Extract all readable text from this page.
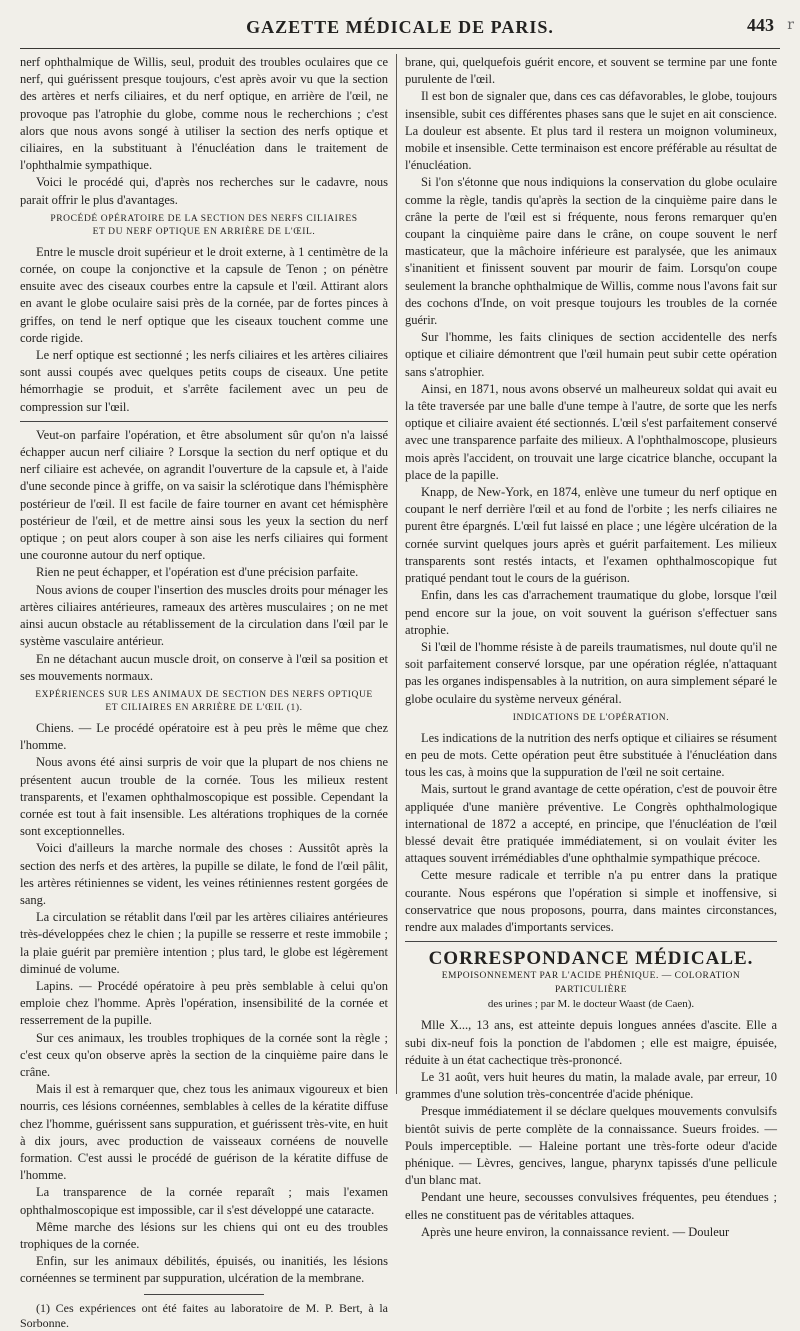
GAZETTE MÉDICALE DE PARIS.	443 r

nerf ophthalmique de Willis, seul, produit des troubles oculaires que ce nerf, qui guérissent presque toujours, c'est après avoir vu que la section des artères et nerfs ciliaires, et du nerf optique, en arrière de l'œil, ne provoque pas l'atrophie du globe, comme nous le recherchions ; c'est alors que nous avons songé à utiliser la section des nerfs optique et ciliaires, en la substituant à l'énucléation dans le traitement de l'ophthalmie sympathique.

Voici le procédé qui, d'après nos recherches sur le cadavre, nous parait offrir le plus d'avantages.

PROCÉDÉ OPÉRATOIRE DE LA SECTION DES NERFS CILIAIRES
ET DU NERF OPTIQUE EN ARRIÈRE DE L'ŒIL.

Entre le muscle droit supérieur et le droit externe, à 1 centimètre de la cornée, on coupe la conjonctive et la capsule de Tenon ; on pénètre ensuite avec des ciseaux courbes entre la capsule et l'œil. Attirant alors en avant le globe oculaire saisi près de la cornée, par de fortes pinces à griffes, on tend le nerf optique que les ciseaux touchent comme une corde rigide.

Le nerf optique est sectionné ; les nerfs ciliaires et les artères ciliaires sont aussi coupés avec quelques petits coups de ciseaux. Une petite hémorrhagie se produit, et s'arrête facilement avec un peu de compression sur l'œil.

Veut-on parfaire l'opération, et être absolument sûr qu'on n'a laissé échapper aucun nerf ciliaire ? Lorsque la section du nerf optique et du nerf ciliaire est achevée, on agrandit l'ouverture de la capsule et, à l'aide d'une seconde pince à griffe, on va saisir la sclérotique dans l'hémisphère postérieur de l'œil. Il est facile de faire tourner en avant cet hémisphère postérieur de l'œil, et de mettre ainsi sous les yeux la section du nerf optique ; on peut alors couper à son aise les nerfs ciliaires qui forment une couronne autour du nerf optique.

Rien ne peut échapper, et l'opération est d'une précision parfaite.

Nous avions de couper l'insertion des muscles droits pour ménager les artères ciliaires antérieures, rameaux des artères musculaires ; on ne met ainsi aucun obstacle au rétablissement de la circulation dans l'œil par le système vasculaire antérieur.

En ne détachant aucun muscle droit, on conserve à l'œil sa position et ses mouvements normaux.

EXPÉRIENCES SUR LES ANIMAUX DE SECTION DES NERFS OPTIQUE
ET CILIAIRES EN ARRIÈRE DE L'ŒIL (1).

Chiens. — Le procédé opératoire est à peu près le même que chez l'homme.

Nous avons été ainsi surpris de voir que la plupart de nos chiens ne présentent aucun trouble de la cornée. Tous les milieux restent transparents, et l'examen ophthalmoscopique est possible. Cependant la cornée est tout à fait insensible. Les altérations trophiques de la cornée sont exceptionnelles.

Voici d'ailleurs la marche normale des choses : Aussitôt après la section des nerfs et des artères, la pupille se dilate, le fond de l'œil pâlit, les artères rétiniennes se vident, les veines rétiniennes restent gorgées de sang.

La circulation se rétablit dans l'œil par les artères ciliaires antérieures très-développées chez le chien ; la pupille se resserre et reste immobile ; la plaie guérit par première intention ; plus tard, le globe est légèrement diminué de volume.

Lapins. — Procédé opératoire à peu près semblable à celui qu'on emploie chez l'homme. Après l'opération, insensibilité de la cornée et resserrement de la pupille.

Sur ces animaux, les troubles trophiques de la cornée sont la règle ; c'est ceux qu'on observe après la section de la cinquième paire dans le crâne.

Mais il est à remarquer que, chez tous les animaux vigoureux et bien nourris, ces lésions cornéennes, semblables à celles de la kératite diffuse chez l'homme, guérissent sans suppuration, et guérissent très-vite, en huit à dix jours, avec production de vaisseaux cornéens de nouvelle formation. C'est aussi le procédé de guérison de la kératite diffuse de l'homme.

La transparence de la cornée reparaît ; mais l'examen ophthalmoscopique est impossible, car il s'est développé une cataracte.

Même marche des lésions sur les chiens qui ont eu des troubles trophiques de la cornée.

Enfin, sur les animaux débilités, épuisés, ou inanitiés, les lésions cornéennes se terminent par suppuration, ulcération de la membrane.

(1) Ces expériences ont été faites au laboratoire de M. P. Bert, à la Sorbonne.

brane, qui, quelquefois guérit encore, et souvent se termine par une fonte purulente de l'œil.

Il est bon de signaler que, dans ces cas défavorables, le globe, toujours insensible, subit ces différentes phases sans que le sujet en ait conscience. La douleur est absente. Et plus tard il restera un moignon volumineux, mobile et insensible. Cette terminaison est encore préférable au résultat de l'énucléation.

Si l'on s'étonne que nous indiquions la conservation du globe oculaire comme la règle, tandis qu'après la section de la cinquième paire dans le crâne la perte de l'œil est si fréquente, nous ferons remarquer qu'en coupant la cinquième paire dans le crâne, on coupe souvent le nerf masticateur, que la mâchoire inférieure est paralysée, que les animaux s'inanitient et finissent souvent par mourir de faim. Lorsqu'on coupe seulement la branche ophthalmique de Willis, comme nous l'avons fait sur des cochons d'Inde, on voit presque toujours les troubles de la cornée guérir.

Sur l'homme, les faits cliniques de section accidentelle des nerfs optique et ciliaire démontrent que l'œil humain peut subir cette opération sans s'atrophier.

Ainsi, en 1871, nous avons observé un malheureux soldat qui avait eu la tête traversée par une balle d'une tempe à l'autre, de sorte que les nerfs optique et ciliaire avaient été sectionnés. L'œil s'est parfaitement conservé avec une transparence parfaite des milieux. A l'ophthalmoscope, plusieurs mois après l'accident, on trouvait une large cicatrice blanche, occupant la place de la papille.

Knapp, de New-York, en 1874, enlève une tumeur du nerf optique en coupant le nerf derrière l'œil et au fond de l'orbite ; les nerfs ciliaires ne purent être épargnés. L'œil fut laissé en place ; une légère ulcération de la cornée survint quelques jours après et guérit parfaitement. Les milieux transparents sont restés intacts, et l'examen ophthalmoscopique fut pratiqué pendant tout le cours de la guérison.

Enfin, dans les cas d'arrachement traumatique du globe, lorsque l'œil pend encore sur la joue, on voit souvent la guérison s'effectuer sans atrophie.

Si l'œil de l'homme résiste à de pareils traumatismes, nul doute qu'il ne soit parfaitement conservé lorsque, par une opération réglée, n'attaquant pas les organes indispensables à la nutrition, on aura simplement séparé le globe oculaire du système nerveux général.

INDICATIONS DE L'OPÉRATION.

Les indications de la nutrition des nerfs optique et ciliaires se résument en peu de mots. Cette opération peut être substituée à l'énucléation dans tous les cas, à moins que la suppuration de l'œil ne soit certaine.

Mais, surtout le grand avantage de cette opération, c'est de pouvoir être appliquée d'une manière préventive. Le Congrès ophthalmologique international de 1872 a accepté, en principe, que l'énucléation de l'œil blessé devait être pratiquée immédiatement, si on voulait éviter les attaques souvent irrémédiables d'une ophthalmie sympathique précoce.

Cette mesure radicale et terrible n'a pu entrer dans la pratique courante. Nous espérons que l'opération si simple et inoffensive, si conservatrice que nous proposons, pourra, dans maintes circonstances, rendre aux malades d'importants services.

CORRESPONDANCE MÉDICALE.
EMPOISONNEMENT PAR L'ACIDE PHÉNIQUE. — COLORATION PARTICULIÈRE
des urines ; par M. le docteur Waast (de Caen).

Mlle X..., 13 ans, est atteinte depuis longues années d'ascite. Elle a subi dix-neuf fois la ponction de l'abdomen ; elle est maigre, épuisée, réduite à un état cachectique très-prononcé.

Le 31 août, vers huit heures du matin, la malade avale, par erreur, 10 grammes d'une solution très-concentrée d'acide phénique.

Presque immédiatement il se déclare quelques mouvements convulsifs bientôt suivis de perte complète de la connaissance. Sueurs froides. — Pouls imperceptible. — Haleine portant une très-forte odeur d'acide phénique. — Lèvres, gencives, langue, pharynx tapissés d'une pellicule d'un blanc mat.

Pendant une heure, secousses convulsives fréquentes, peu étendues ; elles ne constituent pas de véritables attaques.

Après une heure environ, la connaissance revient. — Douleur
